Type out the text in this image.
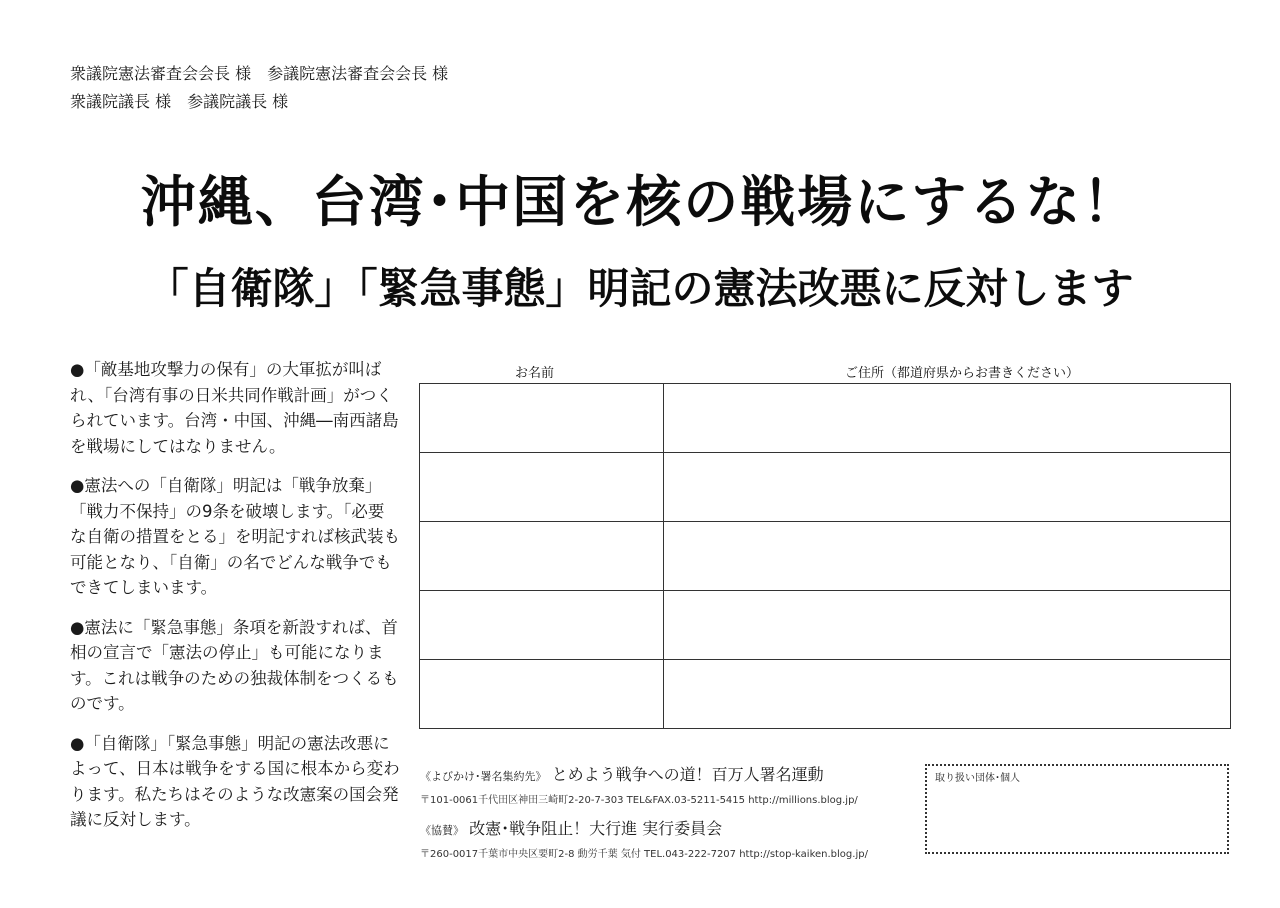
衆議院憲法審査会会長 様　参議院憲法審査会会長 様
衆議院議長 様　参議院議長 様
沖縄、台湾･中国を核の戦場にするな！
「自衛隊」「緊急事態」明記の憲法改悪に反対します

●「敵基地攻撃力の保有」の大軍拡が叫ばれ、「台湾有事の日米共同作戦計画」がつくられています。台湾・中国、沖縄―南西諸島を戦場にしてはなりません。

●憲法への「自衛隊」明記は「戦争放棄」「戦力不保持」の9条を破壊します。「必要な自衛の措置をとる」を明記すれば核武装も可能となり、「自衛」の名でどんな戦争でもできてしまいます。

●憲法に「緊急事態」条項を新設すれば、首相の宣言で「憲法の停止」も可能になります。これは戦争のための独裁体制をつくるものです。

●「自衛隊」「緊急事態」明記の憲法改悪によって、日本は戦争をする国に根本から変わります。私たちはそのような改憲案の国会発議に反対します。

お名前	ご住所（都道府県からお書きください）

《よびかけ･署名集約先》 とめよう戦争への道！百万人署名運動
〒101-0061千代田区神田三崎町2-20-7-303 TEL&FAX.03-5211-5415 http://millions.blog.jp/
《協賛》 改憲･戦争阻止！大行進 実行委員会
〒260-0017千葉市中央区要町2-8 動労千葉 気付 TEL.043-222-7207 http://stop-kaiken.blog.jp/
取り扱い団体･個人
